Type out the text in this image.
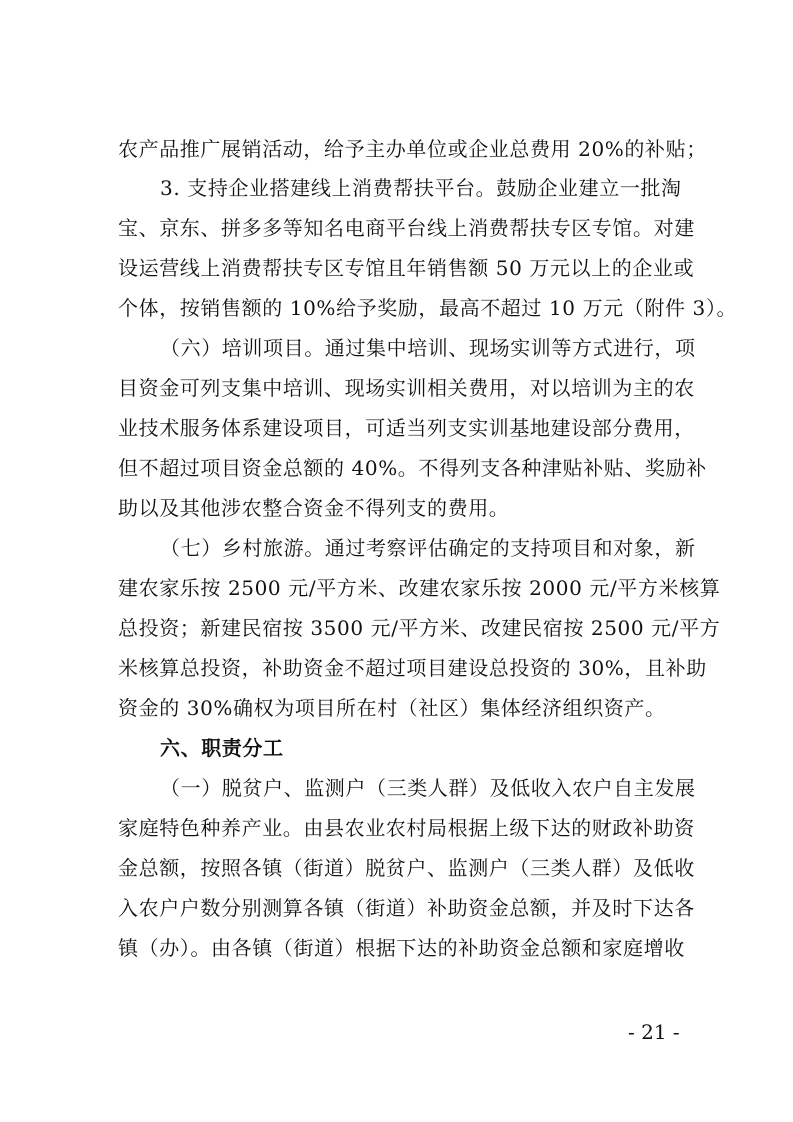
农产品推广展销活动，给予主办单位或企业总费用 20%的补贴；
3. 支持企业搭建线上消费帮扶平台。鼓励企业建立一批淘
宝、京东、拼多多等知名电商平台线上消费帮扶专区专馆。对建
设运营线上消费帮扶专区专馆且年销售额 50 万元以上的企业或
个体，按销售额的 10%给予奖励，最高不超过 10 万元（附件 3）。
（六）培训项目。通过集中培训、现场实训等方式进行，项
目资金可列支集中培训、现场实训相关费用，对以培训为主的农
业技术服务体系建设项目，可适当列支实训基地建设部分费用，
但不超过项目资金总额的 40%。不得列支各种津贴补贴、奖励补
助以及其他涉农整合资金不得列支的费用。
（七）乡村旅游。通过考察评估确定的支持项目和对象，新
建农家乐按 2500 元/平方米、改建农家乐按 2000 元/平方米核算
总投资；新建民宿按 3500 元/平方米、改建民宿按 2500 元/平方
米核算总投资，补助资金不超过项目建设总投资的 30%，且补助
资金的 30%确权为项目所在村（社区）集体经济组织资产。
六、职责分工
（一）脱贫户、监测户（三类人群）及低收入农户自主发展
家庭特色种养产业。由县农业农村局根据上级下达的财政补助资
金总额，按照各镇（街道）脱贫户、监测户（三类人群）及低收
入农户户数分别测算各镇（街道）补助资金总额，并及时下达各
镇（办）。由各镇（街道）根据下达的补助资金总额和家庭增收
- 21 -
